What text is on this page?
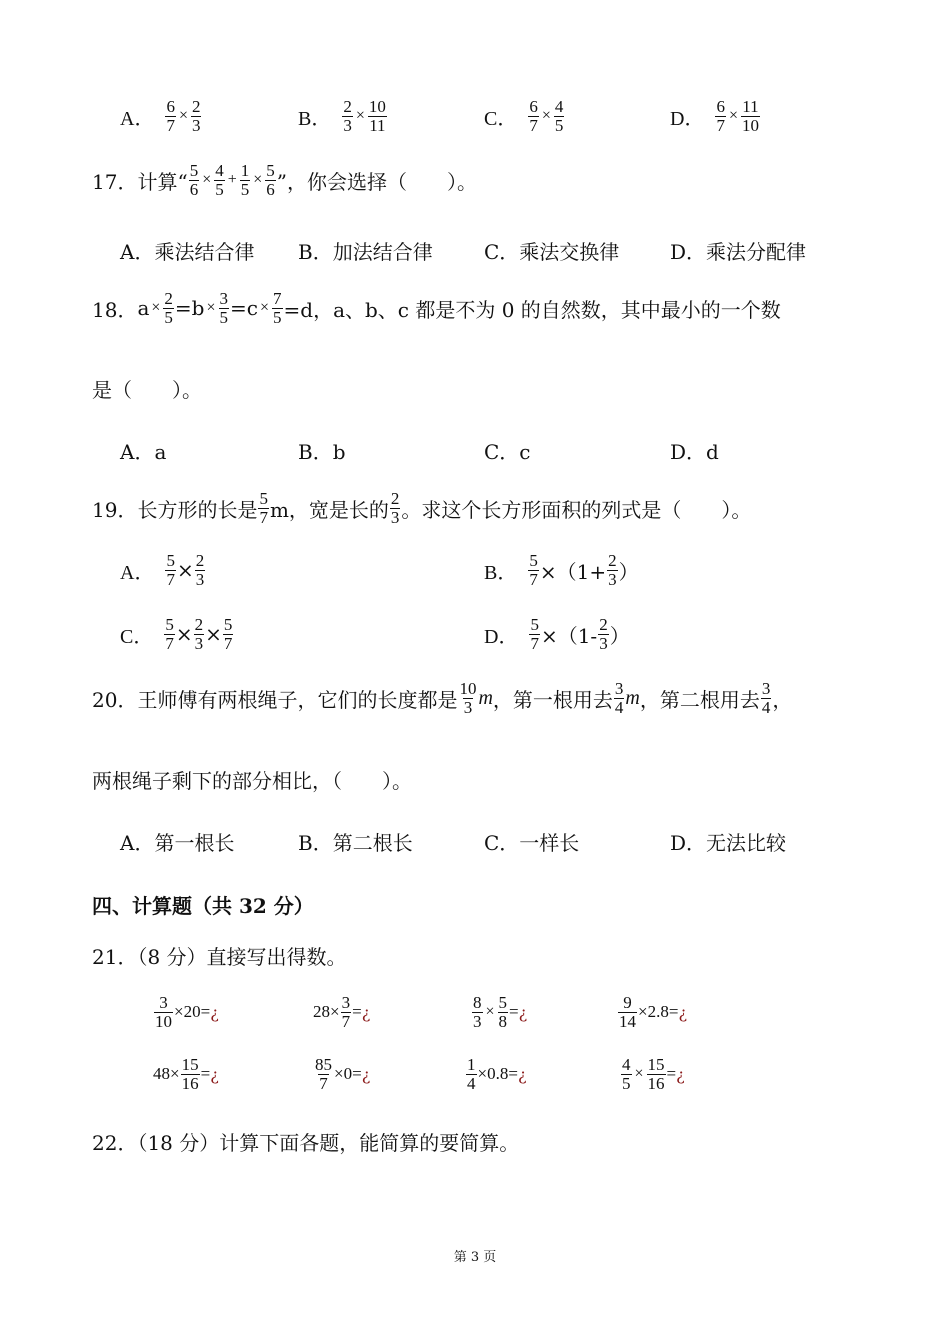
A． $\frac{6}{7} \times \frac{2}{3}$	B． $\frac{2}{3} \times \frac{10}{11}$	C． $\frac{6}{7} \times \frac{4}{5}$	D． $\frac{6}{7} \times \frac{11}{10}$
17． 计算“ $\frac{5}{6} \times \frac{4}{5} + \frac{1}{5} \times \frac{5}{6}$ ”，你会选择（　　）。
A．乘法结合律 B．加法结合律	C．乘法交换律	D．乘法分配律
18． $a \times \frac{2}{5} =b \times \frac{3}{5} =c \times \frac{7}{5} =d$，a、b、c 都是不为 0 的自然数，其中最小的一个数
是（　　）。
A．a	B．b	C．c	D．d
19． 长方形的长是 $\frac{5}{7}$ m，宽是长的 $\frac{2}{3}$ 。求这个长方形面积的列式是（　　）。
A． $\frac{5}{7} \times \frac{2}{3}$	B． $\frac{5}{7} \times(1+ \frac{2}{3}$ ）
C． $\frac{5}{7} \times \frac{2}{3} \times \frac{5}{7}$	D． $\frac{5}{7} \times(1- \frac{2}{3}$ ）
20． 王师傅有两根绳子，它们的长度都是 $\frac{10}{3}$ m ，第一根用去 $\frac{3}{4}$ m ，第二根用去 $\frac{3}{4}$ ，
两根绳子剩下的部分相比，（　　）。
A．第一根长	B．第二根长	C．一样长	D．无法比较
四、计算题（共 32 分）
21．（8 分）直接写出得数。
$\frac{3}{10} \times 20=$ ¿	$28\times \frac{3}{7}$ = ¿	$\frac{8}{3} \times \frac{5}{8}$ = ¿	$\frac{9}{14} \times 2.8=$ ¿
$48\times \frac{15}{16}$ = ¿	$\frac{85}{7} \times 0=$ ¿	$\frac{1}{4} \times 0.8=$ ¿	$\frac{4}{5} \times \frac{15}{16}$ = ¿
22．（18 分）计算下面各题，能简算的要简算。
第 3 页
